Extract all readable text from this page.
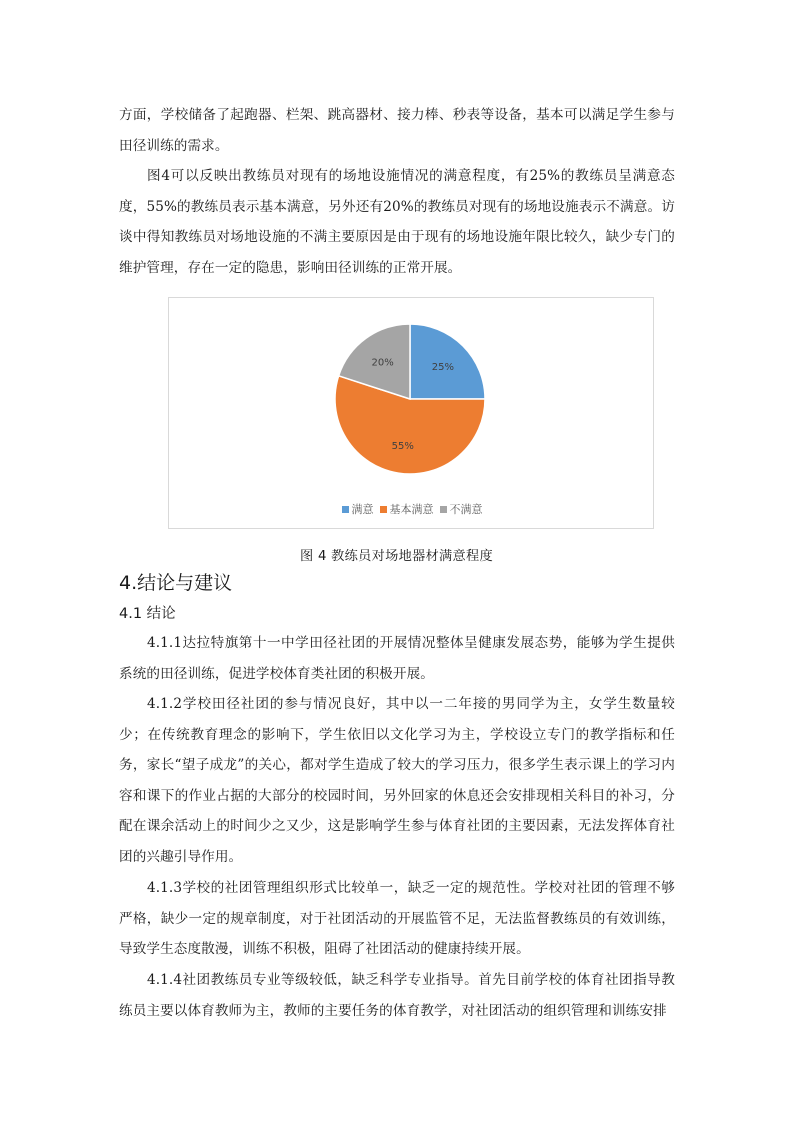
方面，学校储备了起跑器、栏架、跳高器材、接力棒、秒表等设备，基本可以满足学生参与田径训练的需求。

图4可以反映出教练员对现有的场地设施情况的满意程度，有25%的教练员呈满意态度，55%的教练员表示基本满意，另外还有20%的教练员对现有的场地设施表示不满意。访谈中得知教练员对场地设施的不满主要原因是由于现有的场地设施年限比较久，缺少专门的维护管理，存在一定的隐患，影响田径训练的正常开展。

25%
55%
20%
满意 基本满意 不满意
图 4 教练员对场地器材满意程度
4.结论与建议
4.1 结论

4.1.1达拉特旗第十一中学田径社团的开展情况整体呈健康发展态势，能够为学生提供系统的田径训练，促进学校体育类社团的积极开展。

4.1.2学校田径社团的参与情况良好，其中以一二年接的男同学为主，女学生数量较少；在传统教育理念的影响下，学生依旧以文化学习为主，学校设立专门的教学指标和任务，家长“望子成龙”的关心，都对学生造成了较大的学习压力，很多学生表示课上的学习内容和课下的作业占据的大部分的校园时间，另外回家的休息还会安排现相关科目的补习，分配在课余活动上的时间少之又少，这是影响学生参与体育社团的主要因素，无法发挥体育社团的兴趣引导作用。

4.1.3学校的社团管理组织形式比较单一，缺乏一定的规范性。学校对社团的管理不够严格，缺少一定的规章制度，对于社团活动的开展监管不足，无法监督教练员的有效训练，导致学生态度散漫，训练不积极，阻碍了社团活动的健康持续开展。

4.1.4社团教练员专业等级较低，缺乏科学专业指导。首先目前学校的体育社团指导教练员主要以体育教师为主，教师的主要任务的体育教学，对社团活动的组织管理和训练安排
